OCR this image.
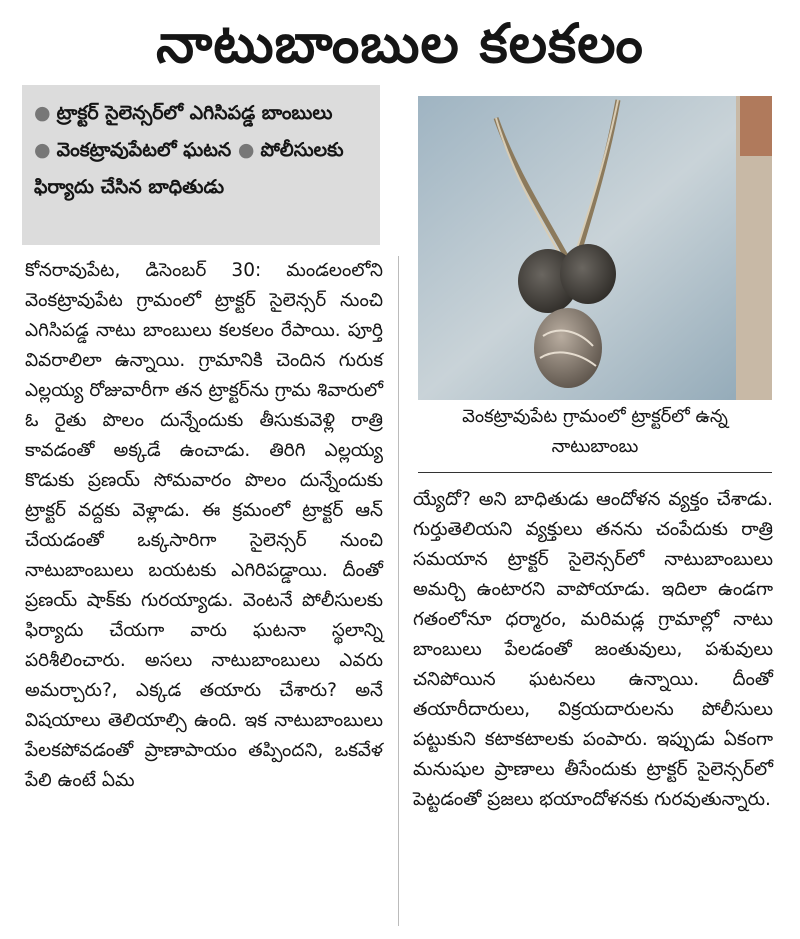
నాటుబాంబుల కలకలం
● ట్రాక్టర్ సైలెన్సర్‌లో ఎగిసిపడ్డ బాంబులు ● వెంకట్రావుపేటలో ఘటన ● పోలీసులకు ఫిర్యాదు చేసిన బాధితుడు

కోనరావుపేట, డిసెంబర్ 30: మండలంలోని వెంకట్రావుపేట గ్రామంలో ట్రాక్టర్ సైలెన్సర్ నుంచి ఎగిసిపడ్డ నాటు బాంబులు కలకలం రేపాయి. పూర్తి వివరాలిలా ఉన్నాయి. గ్రామానికి చెందిన గురుక ఎల్లయ్య రోజువారీగా తన ట్రాక్టర్‌ను గ్రామ శివారులో ఓ రైతు పొలం దున్నేందుకు తీసుకువెళ్లి రాత్రి కావడంతో అక్కడే ఉంచాడు. తిరిగి ఎల్లయ్య కొడుకు ప్రణయ్ సోమవారం పొలం దున్నేందుకు ట్రాక్టర్ వద్దకు వెళ్లాడు. ఈ క్రమంలో ట్రాక్టర్ ఆన్ చేయడంతో ఒక్కసారిగా సైలెన్సర్ నుంచి నాటుబాంబులు బయటకు ఎగిరిపడ్డాయి. దీంతో ప్రణయ్ షాక్‌కు గురయ్యాడు. వెంటనే పోలీసులకు ఫిర్యాదు చేయగా వారు ఘటనా స్థలాన్ని పరిశీలించారు. అసలు నాటుబాంబులు ఎవరు అమర్చారు?, ఎక్కడ తయారు చేశారు? అనే విషయాలు తెలియాల్సి ఉంది. ఇక నాటుబాంబులు పేలకపోవడంతో ప్రాణాపాయం తప్పిందని, ఒకవేళ పేలి ఉంటే ఏమ

వెంకట్రావుపేట గ్రామంలో ట్రాక్టర్‌లో ఉన్న నాటుబాంబు

య్యేదో? అని బాధితుడు ఆందోళన వ్యక్తం చేశాడు. గుర్తుతెలియని వ్యక్తులు తనను చంపేదుకు రాత్రి సమయాన ట్రాక్టర్ సైలెన్సర్‌లో నాటుబాంబులు అమర్చి ఉంటారని వాపోయాడు. ఇదిలా ఉండగా గతంలోనూ ధర్మారం, మరిమడ్ల గ్రామాల్లో నాటు బాంబులు పేలడంతో జంతువులు, పశువులు చనిపోయిన ఘటనలు ఉన్నాయి. దీంతో తయారీదారులు, విక్రయదారులను పోలీసులు పట్టుకుని కటాకటాలకు పంపారు. ఇప్పుడు ఏకంగా మనుషుల ప్రాణాలు తీసేందుకు ట్రాక్టర్ సైలెన్సర్‌లో పెట్టడంతో ప్రజలు భయాందోళనకు గురవుతున్నారు.
